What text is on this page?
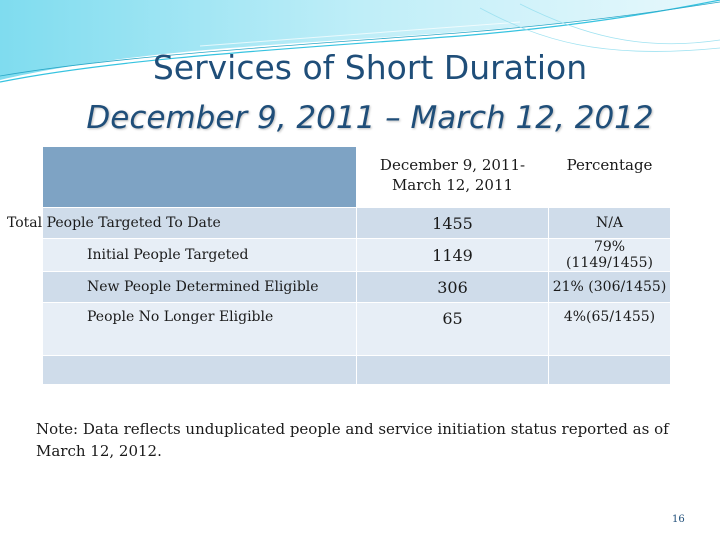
Services of Short Duration
December 9, 2011 – March 12, 2012
	December 9, 2011- March 12, 2011	Percentage
Total People Targeted To Date	1455	N/A
Initial People Targeted	1149	79% (1149/1455)
New People Determined Eligible	306	21% (306/1455)
People No Longer Eligible	65	4%(65/1455)

Note: Data reflects unduplicated people and service initiation status reported as of March 12, 2012.
16
